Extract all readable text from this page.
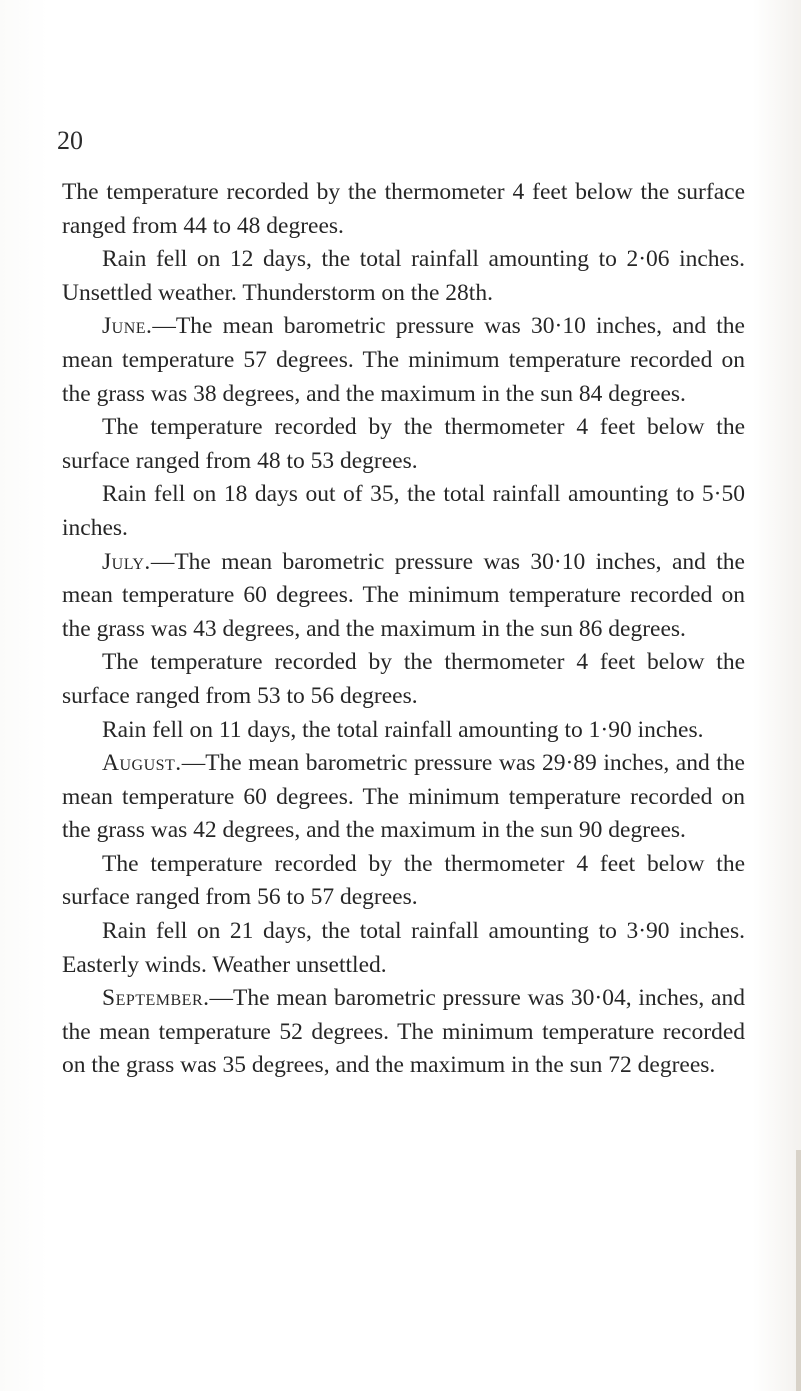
20

The temperature recorded by the thermometer 4 feet below the surface ranged from 44 to 48 degrees.

Rain fell on 12 days, the total rainfall amounting to 2·06 inches. Unsettled weather. Thunderstorm on the 28th.

June.—The mean barometric pressure was 30·10 inches, and the mean temperature 57 degrees. The minimum temperature recorded on the grass was 38 degrees, and the maximum in the sun 84 degrees.

The temperature recorded by the thermometer 4 feet below the surface ranged from 48 to 53 degrees.

Rain fell on 18 days out of 35, the total rainfall amounting to 5·50 inches.

July.—The mean barometric pressure was 30·10 inches, and the mean temperature 60 degrees. The minimum temperature recorded on the grass was 43 degrees, and the maximum in the sun 86 degrees.

The temperature recorded by the thermometer 4 feet below the surface ranged from 53 to 56 degrees.

Rain fell on 11 days, the total rainfall amounting to 1·90 inches.

August.—The mean barometric pressure was 29·89 inches, and the mean temperature 60 degrees. The minimum temperature recorded on the grass was 42 degrees, and the maximum in the sun 90 degrees.

The temperature recorded by the thermometer 4 feet below the surface ranged from 56 to 57 degrees.

Rain fell on 21 days, the total rainfall amounting to 3·90 inches. Easterly winds. Weather unsettled.

September.—The mean barometric pressure was 30·04, inches, and the mean temperature 52 degrees. The minimum temperature recorded on the grass was 35 degrees, and the maximum in the sun 72 degrees.
